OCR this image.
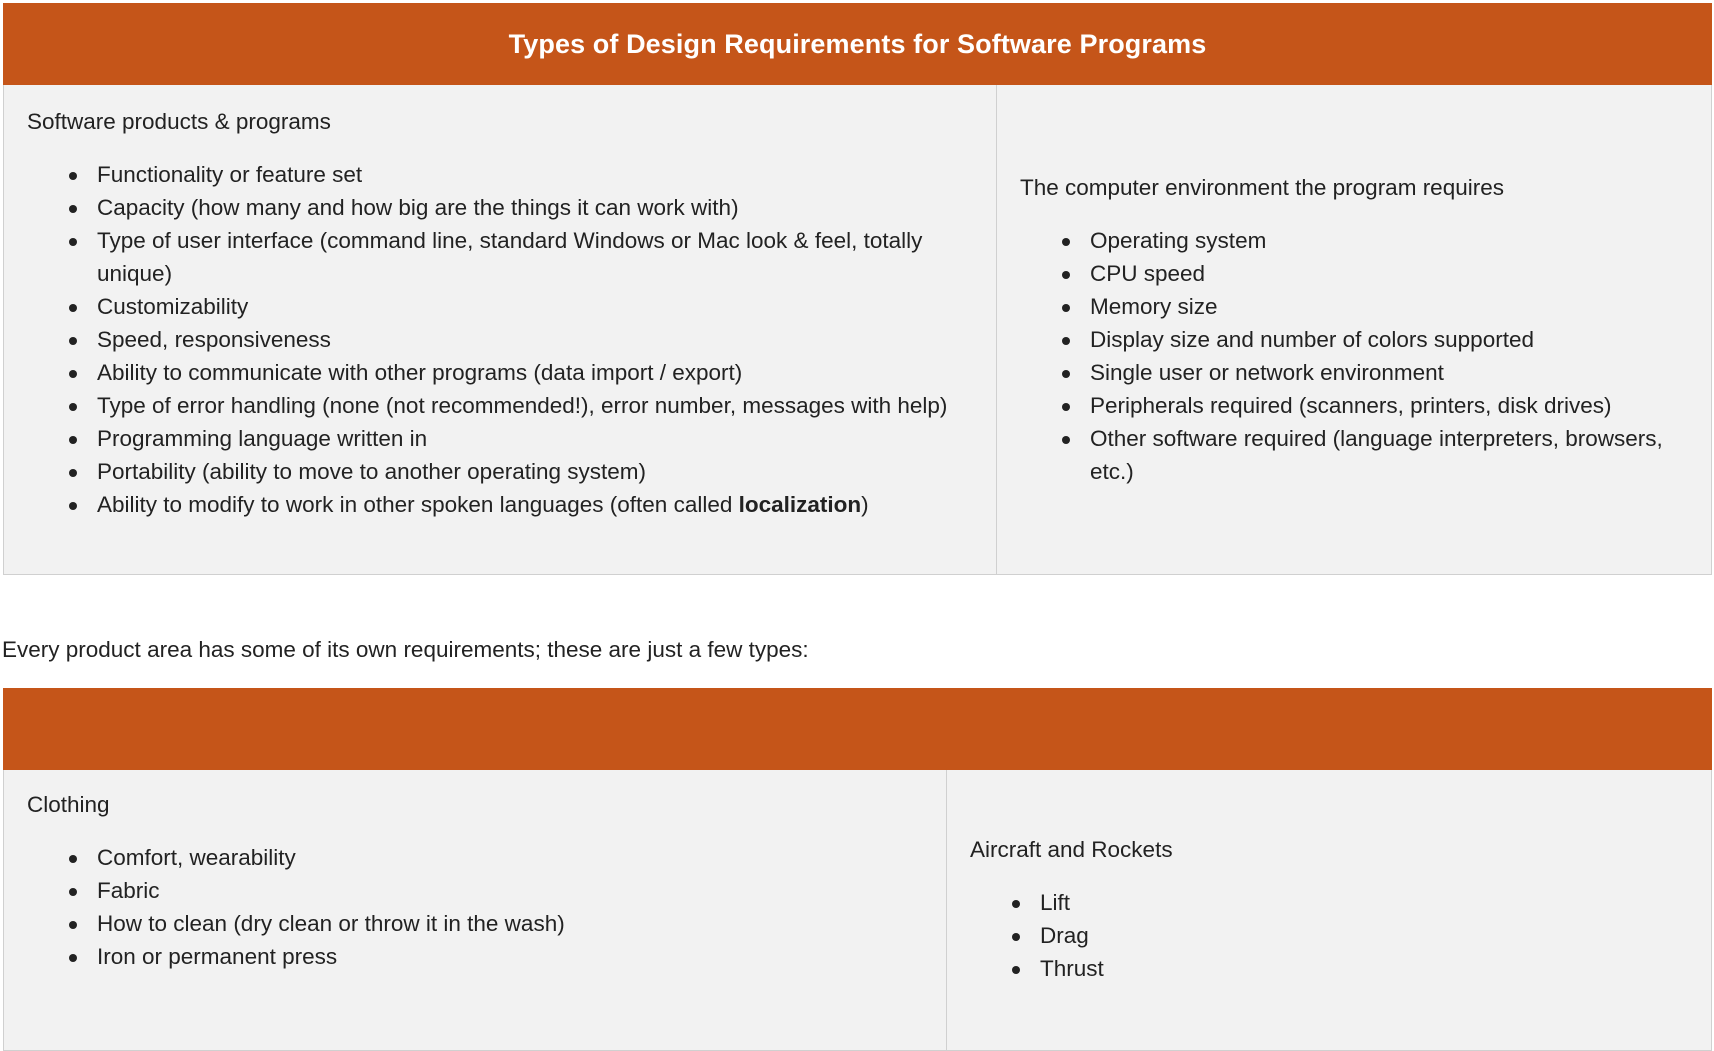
Types of Design Requirements for Software Programs

Software products & programs
Functionality or feature set
Capacity (how many and how big are the things it can work with)
Type of user interface (command line, standard Windows or Mac look & feel, totally unique)
Customizability
Speed, responsiveness
Ability to communicate with other programs (data import / export)
Type of error handling (none (not recommended!), error number, messages with help)
Programming language written in
Portability (ability to move to another operating system)
Ability to modify to work in other spoken languages (often called localization)

The computer environment the program requires
Operating system
CPU speed
Memory size
Display size and number of colors supported
Single user or network environment
Peripherals required (scanners, printers, disk drives)
Other software required (language interpreters, browsers, etc.)
Every product area has some of its own requirements; these are just a few types:

Clothing
Comfort, wearability
Fabric
How to clean (dry clean or throw it in the wash)
Iron or permanent press

Aircraft and Rockets
Lift
Drag
Thrust
